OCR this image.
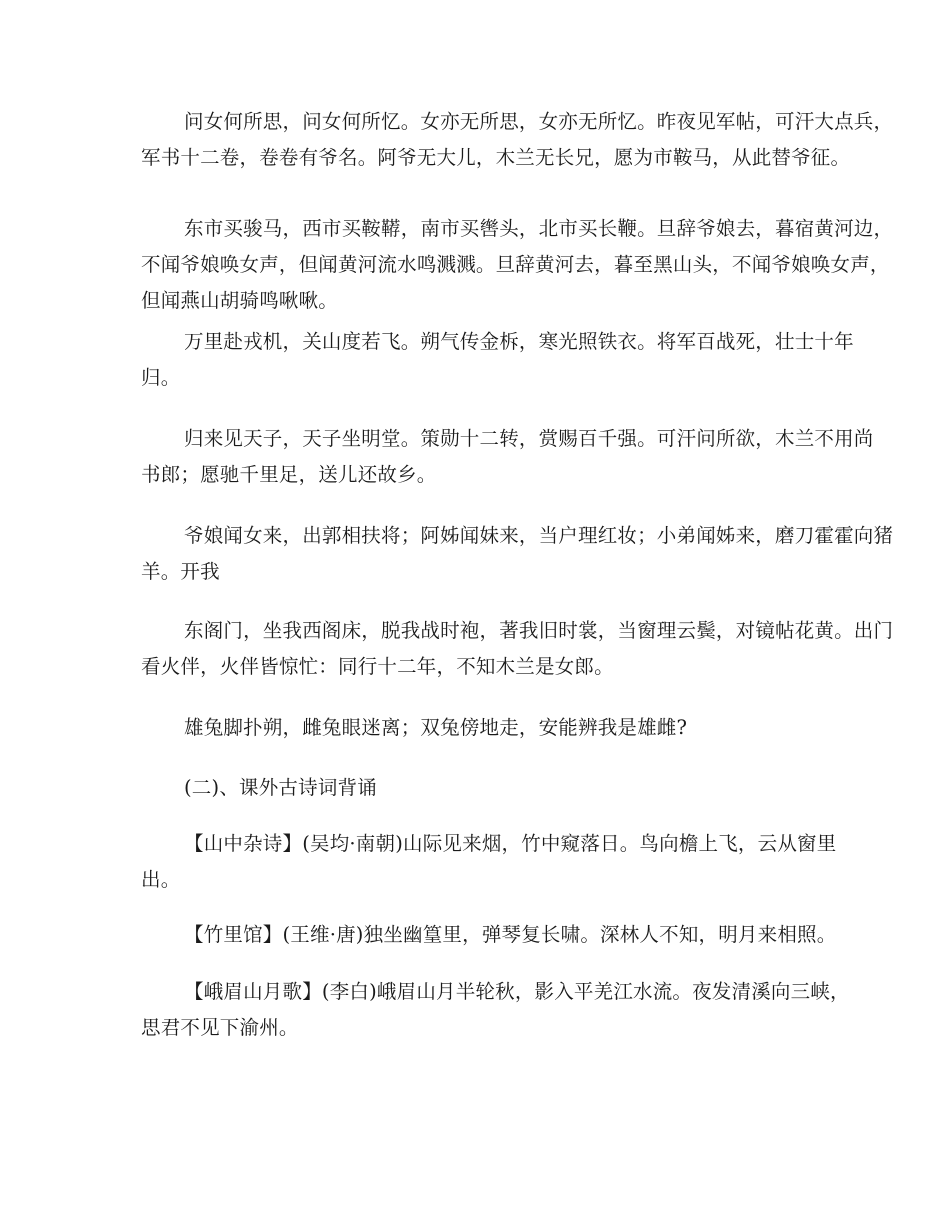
问女何所思，问女何所忆。女亦无所思，女亦无所忆。昨夜见军帖，可汗大点兵，
军书十二卷，卷卷有爷名。阿爷无大儿，木兰无长兄，愿为市鞍马，从此替爷征。
东市买骏马，西市买鞍鞯，南市买辔头，北市买长鞭。旦辞爷娘去，暮宿黄河边，
不闻爷娘唤女声，但闻黄河流水鸣溅溅。旦辞黄河去，暮至黑山头，不闻爷娘唤女声，
但闻燕山胡骑鸣啾啾。
万里赴戎机，关山度若飞。朔气传金柝，寒光照铁衣。将军百战死，壮士十年
归。
归来见天子，天子坐明堂。策勋十二转，赏赐百千强。可汗问所欲，木兰不用尚
书郎；愿驰千里足，送儿还故乡。
爷娘闻女来，出郭相扶将；阿姊闻妹来，当户理红妆；小弟闻姊来，磨刀霍霍向猪
羊。开我
东阁门，坐我西阁床，脱我战时袍，著我旧时裳，当窗理云鬓，对镜帖花黄。出门
看火伴，火伴皆惊忙：同行十二年，不知木兰是女郎。
雄兔脚扑朔，雌兔眼迷离；双兔傍地走，安能辨我是雄雌?
(二)、课外古诗词背诵
【山中杂诗】(吴均·南朝)山际见来烟，竹中窥落日。鸟向檐上飞，云从窗里
出。
【竹里馆】(王维·唐)独坐幽篁里，弹琴复长啸。深林人不知，明月来相照。
【峨眉山月歌】(李白)峨眉山月半轮秋，影入平羌江水流。夜发清溪向三峡，
思君不见下渝州。
